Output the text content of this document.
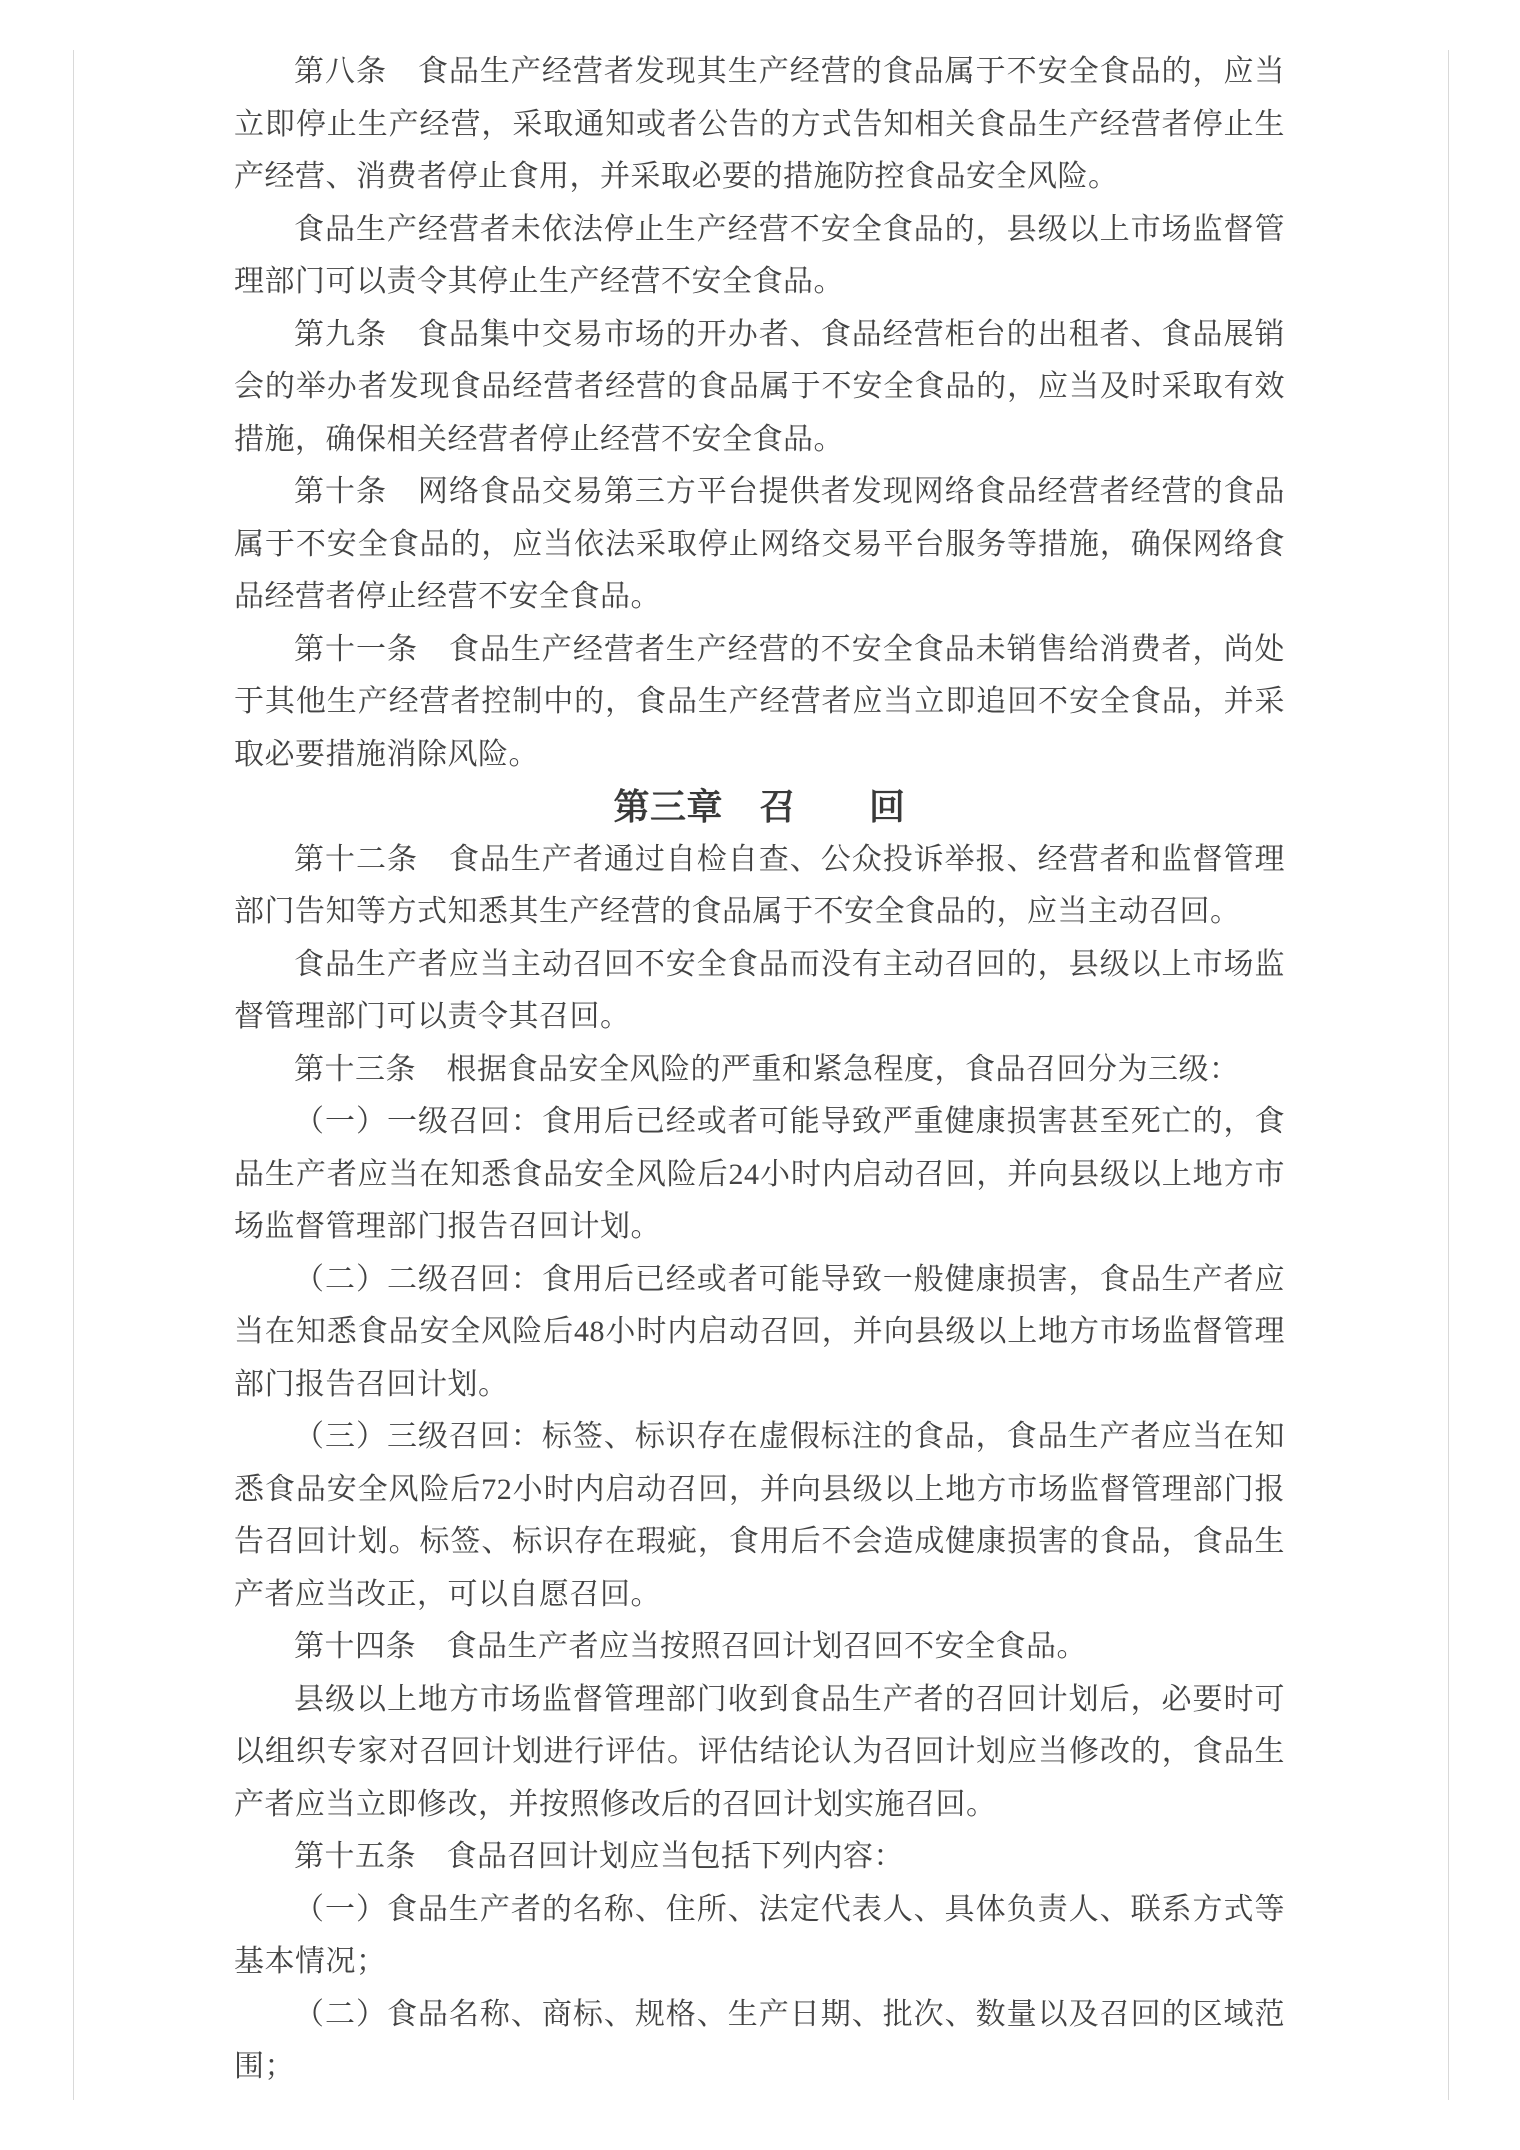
第八条　食品生产经营者发现其生产经营的食品属于不安全食品的，应当立即停止生产经营，采取通知或者公告的方式告知相关食品生产经营者停止生产经营、消费者停止食用，并采取必要的措施防控食品安全风险。

食品生产经营者未依法停止生产经营不安全食品的，县级以上市场监督管理部门可以责令其停止生产经营不安全食品。

第九条　食品集中交易市场的开办者、食品经营柜台的出租者、食品展销会的举办者发现食品经营者经营的食品属于不安全食品的，应当及时采取有效措施，确保相关经营者停止经营不安全食品。

第十条　网络食品交易第三方平台提供者发现网络食品经营者经营的食品属于不安全食品的，应当依法采取停止网络交易平台服务等措施，确保网络食品经营者停止经营不安全食品。

第十一条　食品生产经营者生产经营的不安全食品未销售给消费者，尚处于其他生产经营者控制中的，食品生产经营者应当立即追回不安全食品，并采取必要措施消除风险。

第三章　召　　回

第十二条　食品生产者通过自检自查、公众投诉举报、经营者和监督管理部门告知等方式知悉其生产经营的食品属于不安全食品的，应当主动召回。

食品生产者应当主动召回不安全食品而没有主动召回的，县级以上市场监督管理部门可以责令其召回。

第十三条　根据食品安全风险的严重和紧急程度，食品召回分为三级：

（一）一级召回：食用后已经或者可能导致严重健康损害甚至死亡的，食品生产者应当在知悉食品安全风险后24小时内启动召回，并向县级以上地方市场监督管理部门报告召回计划。

（二）二级召回：食用后已经或者可能导致一般健康损害，食品生产者应当在知悉食品安全风险后48小时内启动召回，并向县级以上地方市场监督管理部门报告召回计划。

（三）三级召回：标签、标识存在虚假标注的食品，食品生产者应当在知悉食品安全风险后72小时内启动召回，并向县级以上地方市场监督管理部门报告召回计划。标签、标识存在瑕疵，食用后不会造成健康损害的食品，食品生产者应当改正，可以自愿召回。

第十四条　食品生产者应当按照召回计划召回不安全食品。

县级以上地方市场监督管理部门收到食品生产者的召回计划后，必要时可以组织专家对召回计划进行评估。评估结论认为召回计划应当修改的，食品生产者应当立即修改，并按照修改后的召回计划实施召回。

第十五条　食品召回计划应当包括下列内容：

（一）食品生产者的名称、住所、法定代表人、具体负责人、联系方式等基本情况；

（二）食品名称、商标、规格、生产日期、批次、数量以及召回的区域范围；
